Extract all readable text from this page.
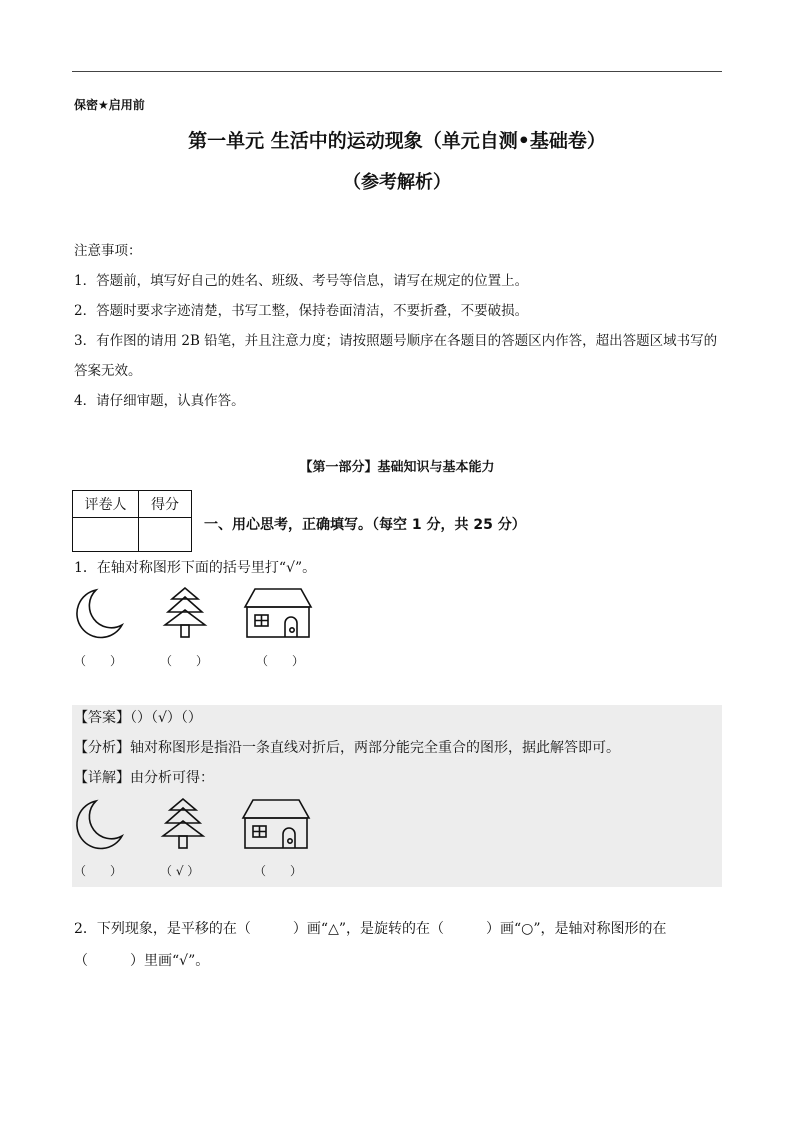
保密★启用前
第一单元 生活中的运动现象（单元自测•基础卷）
（参考解析）

注意事项：

1．答题前，填写好自己的姓名、班级、考号等信息，请写在规定的位置上。

2．答题时要求字迹清楚，书写工整，保持卷面清洁，不要折叠，不要破损。

3．有作图的请用 2B 铅笔，并且注意力度；请按照题号顺序在各题目的答题区内作答，超出答题区域书写的答案无效。

4．请仔细审题，认真作答。

【第一部分】基础知识与基本能力
评卷人	得分

一、用心思考，正确填写。（每空 1 分，共 25 分）
1．在轴对称图形下面的括号里打“√”。
（　　）	（　　）	（　　）
【答案】（）（√）（）
【分析】轴对称图形是指沿一条直线对折后，两部分能完全重合的图形，据此解答即可。
【详解】由分析可得：
（　　）	（ √ ）	（　　）
2．下列现象，是平移的在（　　　）画“△”，是旋转的在（　　　）画“○”，是轴对称图形的在（　　　）里画“√”。
